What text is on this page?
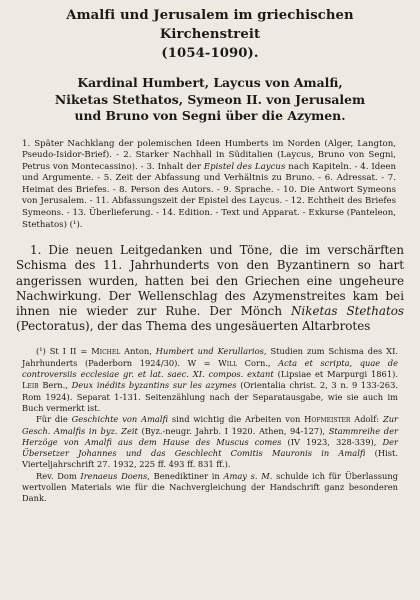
Amalfi und Jerusalem im griechischen Kirchenstreit
(1054-1090).
Kardinal Humbert, Laycus von Amalfi,
Niketas Stethatos, Symeon II. von Jerusalem
und Bruno von Segni über die Azymen.
1. Später Nachklang der polemischen Ideen Humberts im Norden (Alger, Langton, Pseudo-Isidor-Brief). - 2. Starker Nachhall in Süditalien (Laycus, Bruno von Segni, Petrus von Montecassino). - 3. Inhalt der Epistel des Laycus nach Kapiteln. - 4. Ideen und Argumente. - 5. Zeit der Abfassung und Verhältnis zu Bruno. - 6. Adressat. - 7. Heimat des Briefes. - 8. Person des Autors. - 9. Sprache. - 10. Die Antwort Symeons von Jerusalem. - 11. Abfassungszeit der Epistel des Laycus. - 12. Echtheit des Briefes Symeons. - 13. Überlieferung. - 14. Edition. - Text und Apparat. - Exkurse (Panteleon, Stethatos) (¹).

1. Die neuen Leitgedanken und Töne, die im verschärften Schisma des 11. Jahrhunderts von den Byzantinern so hart angerissen wurden, hatten bei den Griechen eine ungeheure Nachwirkung. Der Wellenschlag des Azymenstreites kam bei ihnen nie wieder zur Ruhe. Der Mönch Niketas Stethatos (Pectoratus), der das Thema des ungesäuerten Altarbrotes

(¹) St I II = Michel Anton, Humbert und Kerullarios, Studien zum Schisma des XI. Jahrhunderts (Paderborn 1924/30). W = Will Corn., Acta et scripta, quae de controversiis ecclesiae gr. et lat. saec. XI. compos. extant (Lipsiae et Marpurgi 1861). Leib Bern., Deux inédits byzantins sur les azymes (Orientalia christ. 2, 3 n. 9 133-263. Rom 1924). Separat 1-131. Seitenzählung nach der Separatausgabe, wie sie auch im Buch vermerkt ist.

Für die Geschichte von Amalfi sind wichtig die Arbeiten von Hofmeister Adolf: Zur Gesch. Amalfis in byz. Zeit (Byz.-neugr. Jahrb. I 1920. Athen, 94-127), Stammreihe der Herzöge von Amalfi aus dem Hause des Muscus comes (IV 1923, 328-339), Der Übersetzer Johannes und das Geschlecht Comitis Mauronis in Amalfi (Hist. Vierteljahrschrift 27. 1932, 225 ff. 493 ff. 831 ff.).

Rev. Dom Irenaeus Doens, Benediktiner in Amay s. M. schulde ich für Überlassung wertvollen Materials wie für die Nachvergleichung der Handschrift ganz besonderen Dank.
